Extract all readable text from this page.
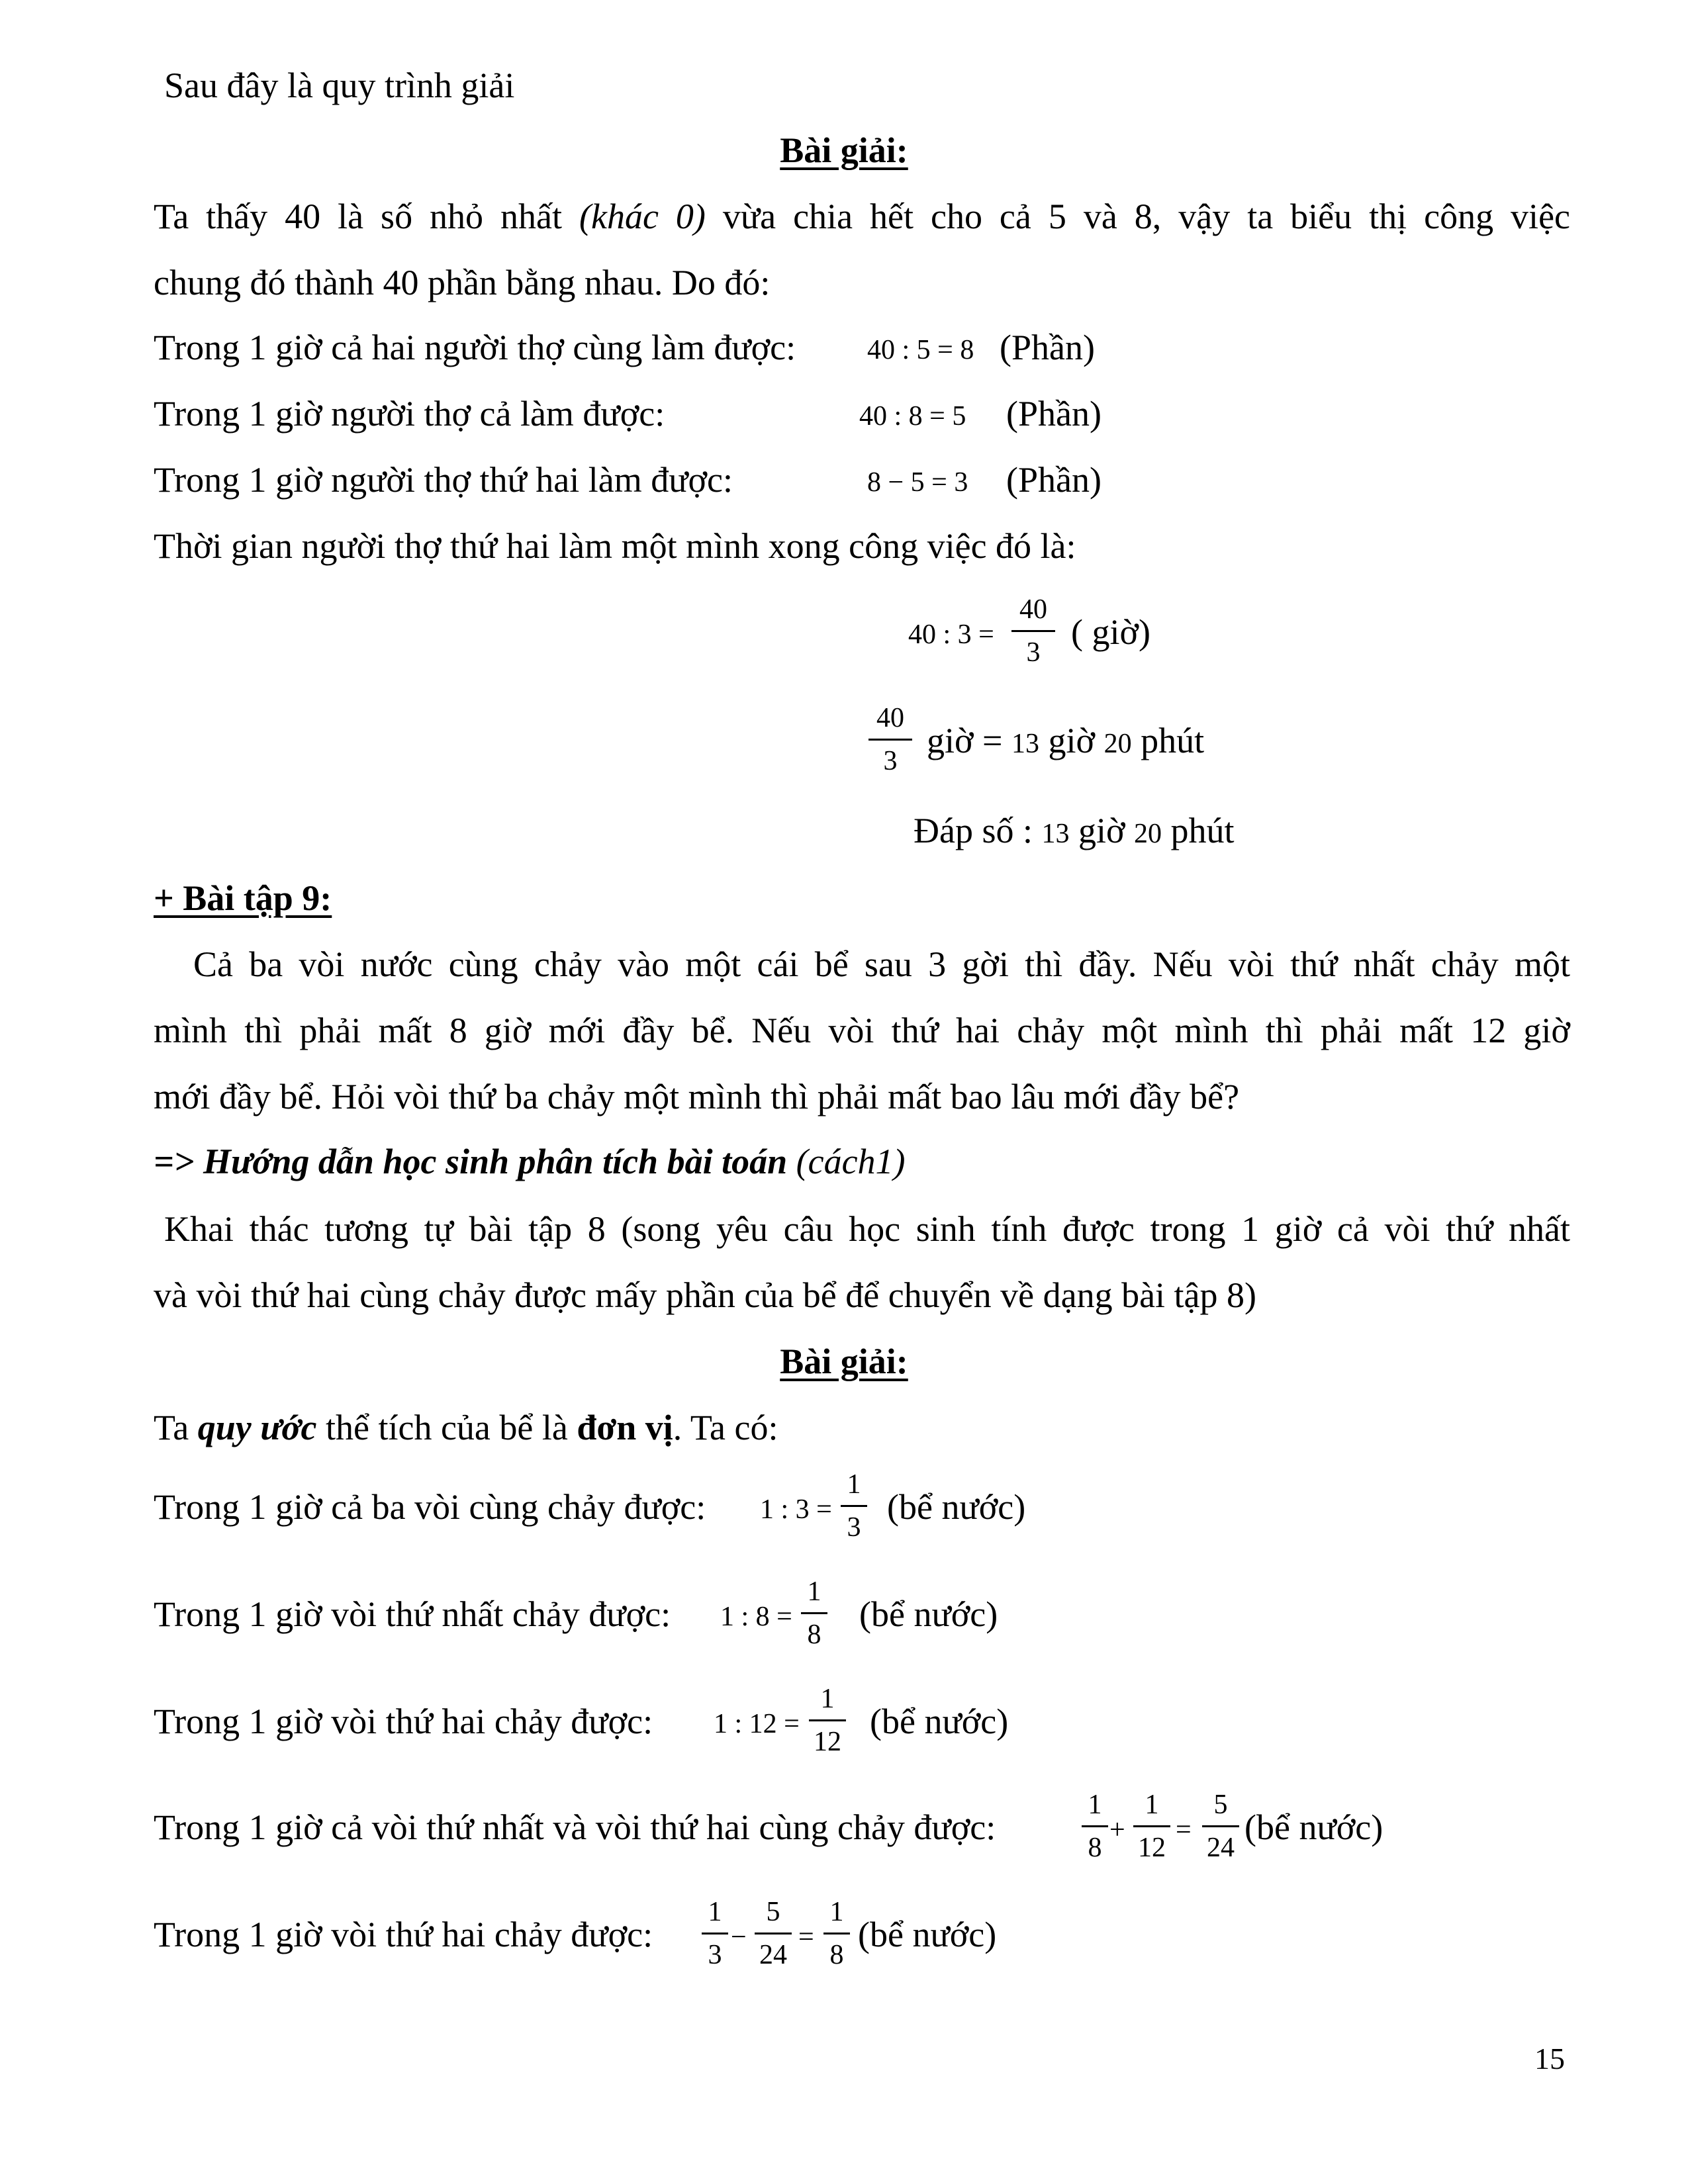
Sau đây là quy trình giải
Bài giải:
Ta thấy 40 là số nhỏ nhất (khác 0) vừa chia hết cho cả 5 và 8, vậy ta biểu thị công việc
chung đó thành 40 phần bằng nhau. Do đó:
Trong 1 giờ cả hai người thợ cùng làm được:	40 : 5 = 8 (Phần)
Trong 1 giờ người thợ cả làm được:	40 : 8 = 5 (Phần)
Trong 1 giờ người thợ thứ hai làm được:	8 − 5 = 3 (Phần)
Thời gian người thợ thứ hai làm một mình xong công việc đó là:
40 : 3 =
40
3
( giờ)
40
3
giờ = 13 giờ 20 phút
Đáp số : 13 giờ 20 phút
+ Bài tập 9:
Cả ba vòi nước cùng chảy vào một cái bể sau 3 gời thì đầy. Nếu vòi thứ nhất chảy một
mình thì phải mất 8 giờ mới đầy bể. Nếu vòi thứ hai chảy một mình thì phải mất 12 giờ
mới đầy bể. Hỏi vòi thứ ba chảy một mình thì phải mất bao lâu mới đầy bể?
=> Hướng dẫn học sinh phân tích bài toán (cách1)
Khai thác tương tự bài tập 8 (song yêu câu học sinh tính được trong 1 giờ cả vòi thứ nhất
và vòi thứ hai cùng chảy được mấy phần của bể để chuyển về dạng bài tập 8)
Bài giải:
Ta quy ước thể tích của bể là đơn vị. Ta có:
Trong 1 giờ cả ba vòi cùng chảy được: 1 : 3 =
1
3
(bể nước)
Trong 1 giờ vòi thứ nhất chảy được: 1 : 8 =
1
8
(bể nước)
Trong 1 giờ vòi thứ hai chảy được: 1 : 12 =
1
12
(bể nước)
Trong 1 giờ cả vòi thứ nhất và vòi thứ hai cùng chảy được:
1
8
+
1
12
=
5
24
(bể nước)
Trong 1 giờ vòi thứ hai chảy được:
1
3
−
5
24
=
1
8
(bể nước)
15
